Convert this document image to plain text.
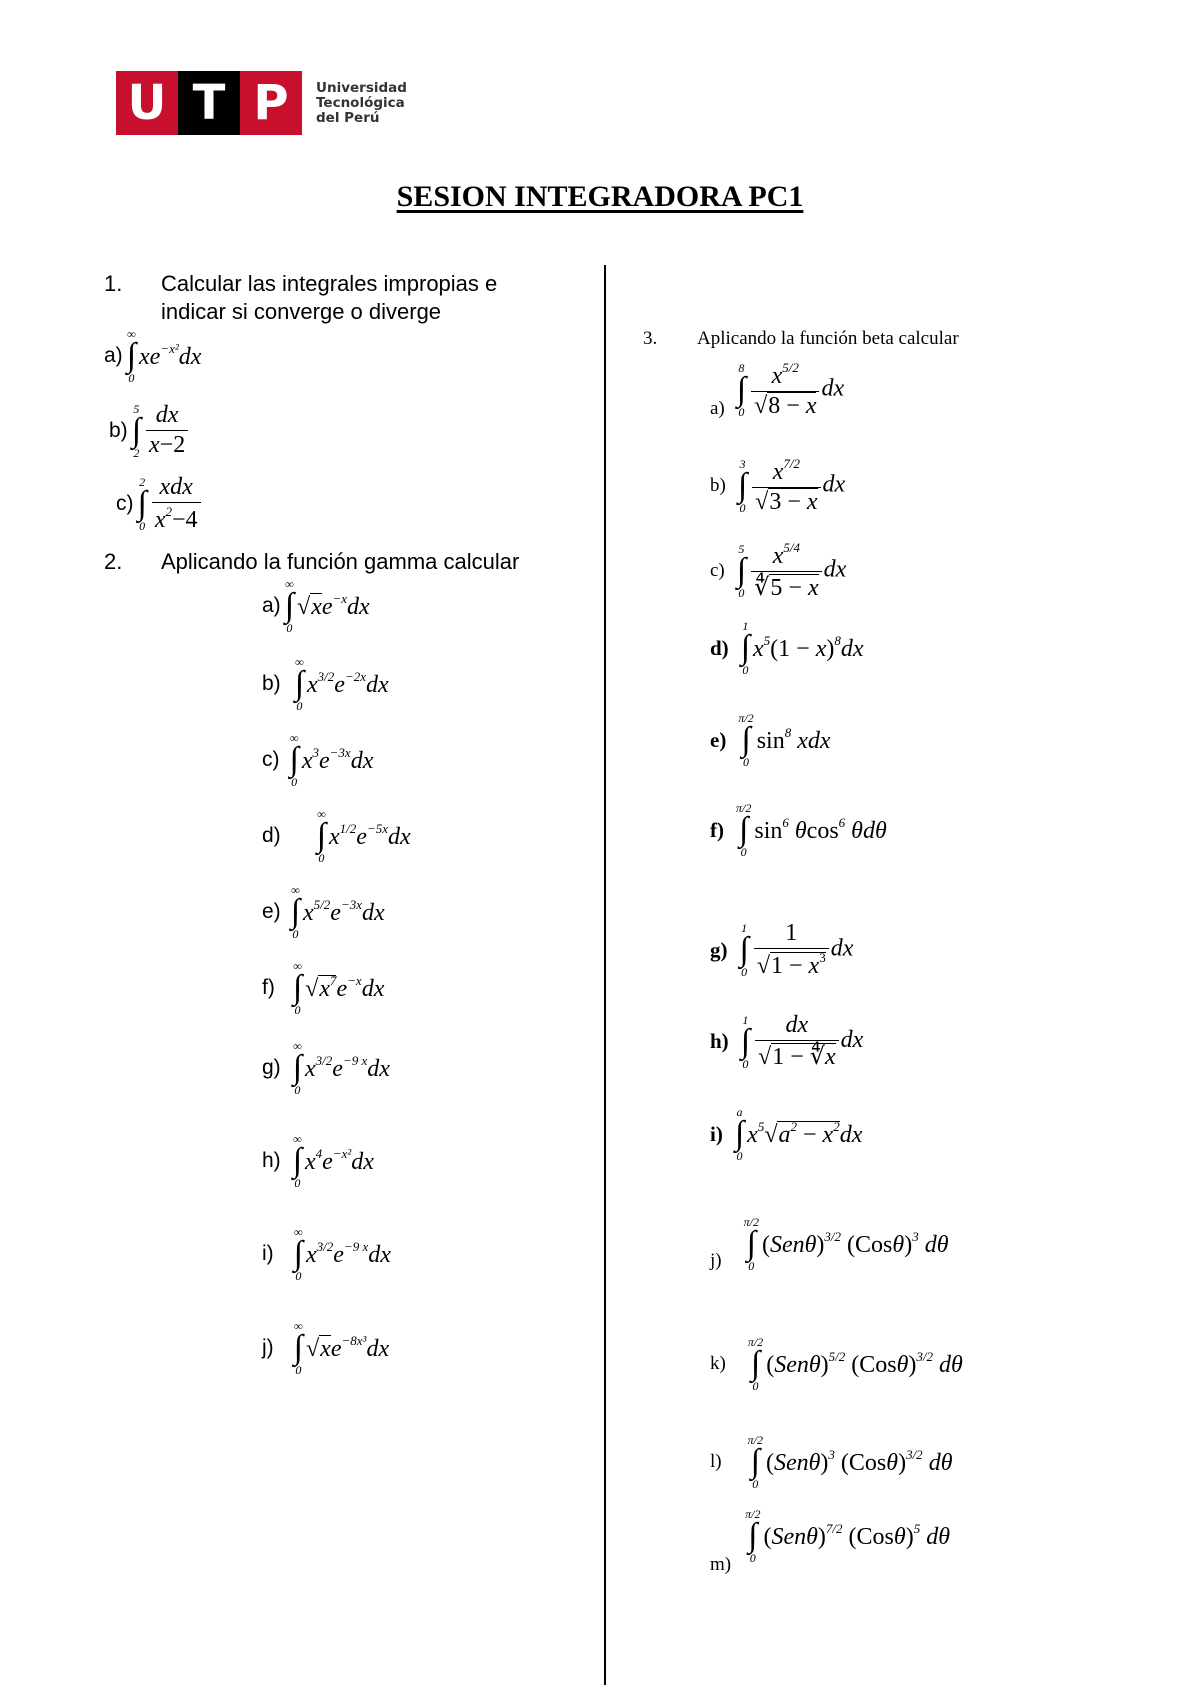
U T P	Universidad
Tecnológica
del Perú
SESION INTEGRADORA PC1
1. Calcular las integrales impropias e
indicar si converge o diverge
a)
∞
∫
0
$xe^{-x^2}dx$
b)
5
∫
$2 \frac{dx}{x-2}$
c)
2
∫
$0 \frac{\text{xdx}}{x^2-4}$
2. Aplicando la función gamma calcular
a)
∞
∫
0
$√xe^{-x}dx$
b)
∞
∫
0
$x^{3/2}e^{-2x}dx$
c)
∞
∫
0
$x^3e^{-3x}dx$
d)
∞
∫
0
$x^{1/2}e^{-5x}dx$
e)
∞
∫
0
$x^{5/2}e^{-3x}dx$
f)
∞
∫
0
$√x^7e^{-x}dx$
g)
∞
∫
0
$x^{3/2}e^{-9 x}dx$
h)
∞
∫
0
$x^4e^{-x^2}dx$
i)
∞
∫
0
$x^{3/2}e^{-9 x}dx$
j)
∞
∫
0
$√xe^{-8x^3}dx$
3. Aplicando la función beta calcular
a)
8
∫
$0 \frac{x^{5/2}}{√8 - x}$ dx
b)
3
∫
$0 \frac{x^{7/2}}{√3 - x}$ dx
c)
5
∫
$0 \frac{x^{5/4}}{∜5 - x}$ dx
d)
1
∫
0
$x^5(1 - x)^8dx$
e)
π/2
∫
0
$\sin^8$ xdx
f)
π/2
∫
0
$\sin^6 \theta\cos^6$ θdθ
g)
1
∫
$0 \frac{1}{√1 - x^3}$ dx
h)
1
∫
$0 \frac{dx}{√1 - ∜x}$ dx
i)
a
∫
0
$x^5√a^2 - x^2dx$
j)
π/2
∫
0
$(Sen\theta)^{3/2}$ $(Cos\theta)^3$ dθ
k)
π/2
∫
0
$(Sen\theta)^{5/2}$ $(Cos\theta)^{3/2}$ dθ
l)
π/2
∫
0
$(Sen\theta)^3$ $(Cos\theta)^{3/2}$ dθ
m)
π/2
∫
0
$(Sen\theta)^{7/2}$ $(Cos\theta)^5$ dθ
